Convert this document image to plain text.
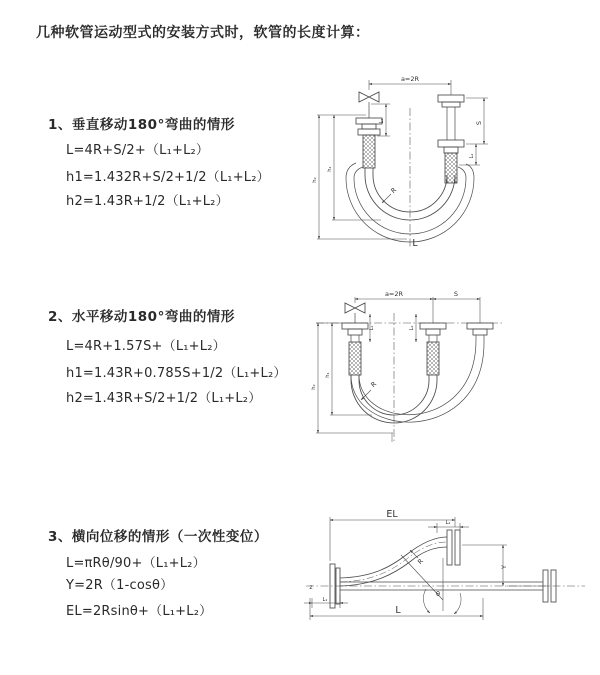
几种软管运动型式的安装方式时，软管的长度计算：
1、垂直移动180°弯曲的情形
L=4R+S/2+（L₁+L₂）
h1=1.432R+S/2+1/2（L₁+L₂）
h2=1.43R+1/2（L₁+L₂）
2、水平移动180°弯曲的情形
L=4R+1.57S+（L₁+L₂）
h1=1.43R+0.785S+1/2（L₁+L₂）
h2=1.43R+S/2+1/2（L₁+L₂）
3、横向位移的情形（一次性变位）
L=πRθ/90+（L₁+L₂）
Y=2R（1-cosθ）
EL=2Rsinθ+（L₁+L₂）
a=2R
S
L₂
L₁
h₁
h₂
R
L
a=2R	S
h₁
h₂
L₁	L₂
R
EL
L₂
Y
R
θ
L₁
L
z
